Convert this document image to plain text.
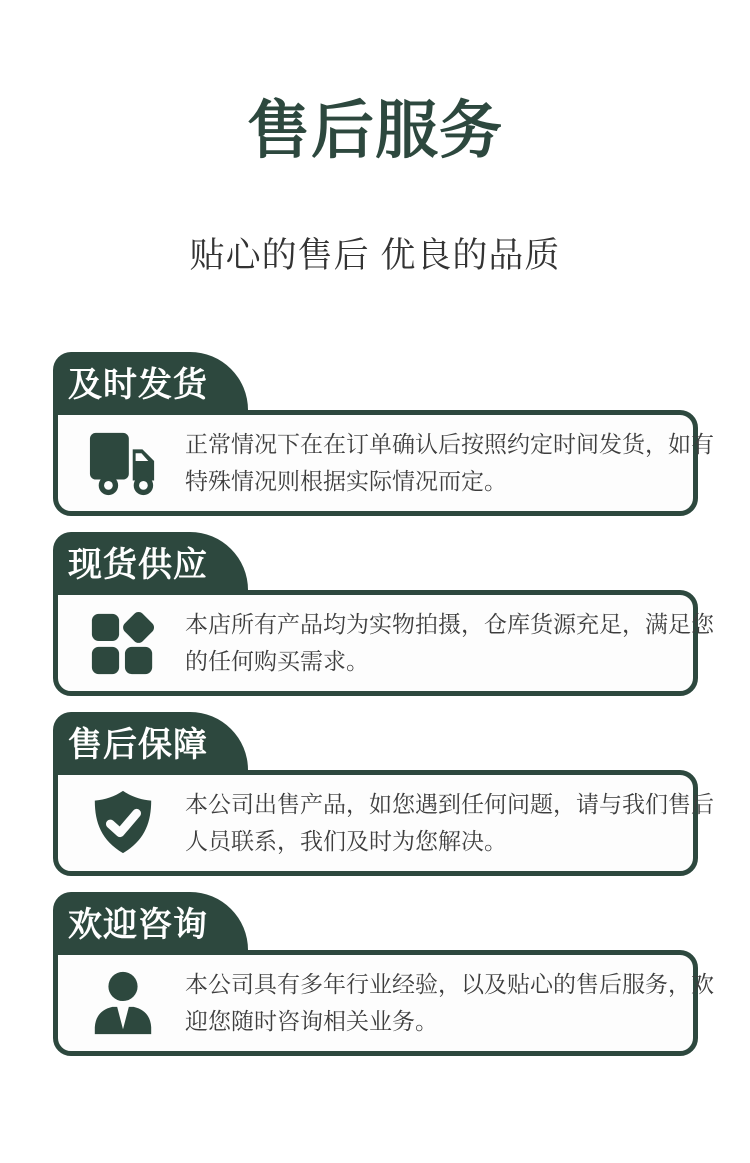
售后服务
贴心的售后 优良的品质
及时发货
正常情况下在在订单确认后按照约定时间发货，如有
特殊情况则根据实际情况而定。
现货供应
本店所有产品均为实物拍摄，仓库货源充足，满足您
的任何购买需求。
售后保障
本公司出售产品，如您遇到任何问题，请与我们售后
人员联系，我们及时为您解决。
欢迎咨询
本公司具有多年行业经验，以及贴心的售后服务，欢
迎您随时咨询相关业务。
